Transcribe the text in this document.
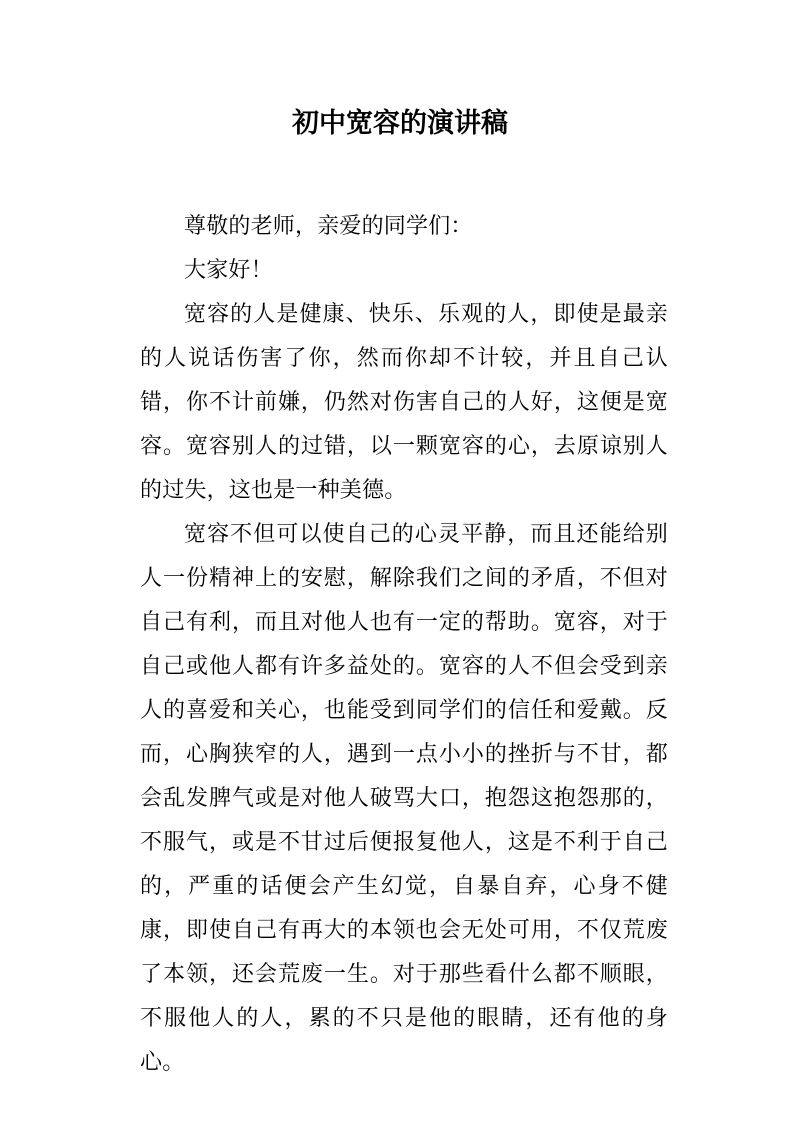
初中宽容的演讲稿

尊敬的老师，亲爱的同学们：

大家好！

宽容的人是健康、快乐、乐观的人，即使是最亲的人说话伤害了你，然而你却不计较，并且自己认错，你不计前嫌，仍然对伤害自己的人好，这便是宽容。宽容别人的过错，以一颗宽容的心，去原谅别人的过失，这也是一种美德。

宽容不但可以使自己的心灵平静，而且还能给别人一份精神上的安慰，解除我们之间的矛盾，不但对自己有利，而且对他人也有一定的帮助。宽容，对于自己或他人都有许多益处的。宽容的人不但会受到亲人的喜爱和关心，也能受到同学们的信任和爱戴。反而，心胸狭窄的人，遇到一点小小的挫折与不甘，都会乱发脾气或是对他人破骂大口，抱怨这抱怨那的，不服气，或是不甘过后便报复他人，这是不利于自己的，严重的话便会产生幻觉，自暴自弃，心身不健康，即使自己有再大的本领也会无处可用，不仅荒废了本领，还会荒废一生。对于那些看什么都不顺眼，不服他人的人，累的不只是他的眼睛，还有他的身心。
